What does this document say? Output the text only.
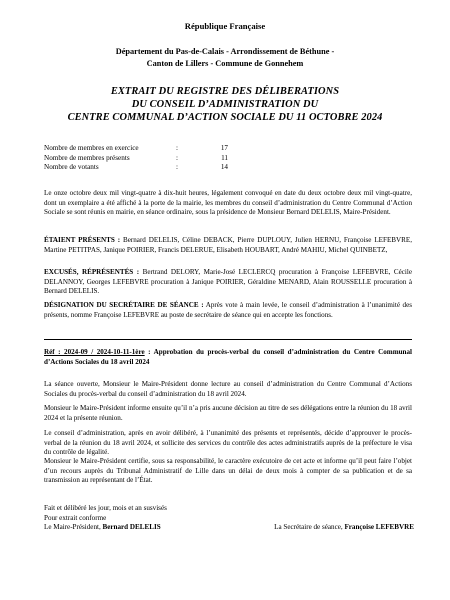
République Française
Département du Pas-de-Calais - Arrondissement de Béthune -
Canton de Lillers - Commune de Gonnehem
EXTRAIT DU REGISTRE DES DÉLIBERATIONS
DU CONSEIL D’ADMINISTRATION DU
CENTRE COMMUNAL D’ACTION SOCIALE DU 11 OCTOBRE 2024
Nombre de membres en exercice	:	17
Nombre de membres présents	:	11
Nombre de votants	:	14
Le onze octobre deux mil vingt-quatre à dix-huit heures, légalement convoqué en date du deux octobre deux mil vingt-quatre, dont un exemplaire a été affiché à la porte de la mairie, les membres du conseil d’administration du Centre Communal d’Action Sociale se sont réunis en mairie, en séance ordinaire, sous la présidence de Monsieur Bernard DELELIS, Maire-Président.
ÉTAIENT PRÉSENTS : Bernard DELELIS, Céline DEBACK, Pierre DUPLOUY, Julien HERNU, Françoise LEFEBVRE, Martine PETITPAS, Janique POIRIER, Francis DELERUE, Elisabeth HOUBART, André MAHIU, Michel QUINBETZ,
EXCUSÉS, RÉPRÉSENTÉS : Bertrand DELORY, Marie-José LECLERCQ procuration à Françoise LEFEBVRE, Cécile DELANNOY, Georges LEFEBVRE procuration à Janique POIRIER, Géraldine MENARD, Alain ROUSSELLE procuration à Bernard DELELIS.
DÉSIGNATION DU SECRÉTAIRE DE SÉANCE : Après vote à main levée, le conseil d’administration à l’unanimité des présents, nomme Françoise LEFEBVRE au poste de secrétaire de séance qui en accepte les fonctions.
Réf : 2024-09 / 2024-10-11-1ère : Approbation du procès-verbal du conseil d’administration du Centre Communal d’Actions Sociales du 18 avril 2024
La séance ouverte, Monsieur le Maire-Président donne lecture au conseil d’administration du Centre Communal d’Actions Sociales du procès-verbal du conseil d’administration du 18 avril 2024.
Monsieur le Maire-Président informe ensuite qu’il n’a pris aucune décision au titre de ses délégations entre la réunion du 18 avril 2024 et la présente réunion.
Le conseil d’administration, après en avoir délibéré, à l’unanimité des présents et représentés, décide d’approuver le procès-verbal de la réunion du 18 avril 2024, et sollicite des services du contrôle des actes administratifs auprès de la préfecture le visa du contrôle de légalité.
Monsieur le Maire-Président certifie, sous sa responsabilité, le caractère exécutoire de cet acte et informe qu’il peut faire l’objet d’un recours auprès du Tribunal Administratif de Lille dans un délai de deux mois à compter de sa publication et de sa transmission au représentant de l’État.
Fait et délibéré les jour, mois et an susvisés
Pour extrait conforme
Le Maire-Président, Bernard DELELIS	La Secrétaire de séance, Françoise LEFEBVRE
